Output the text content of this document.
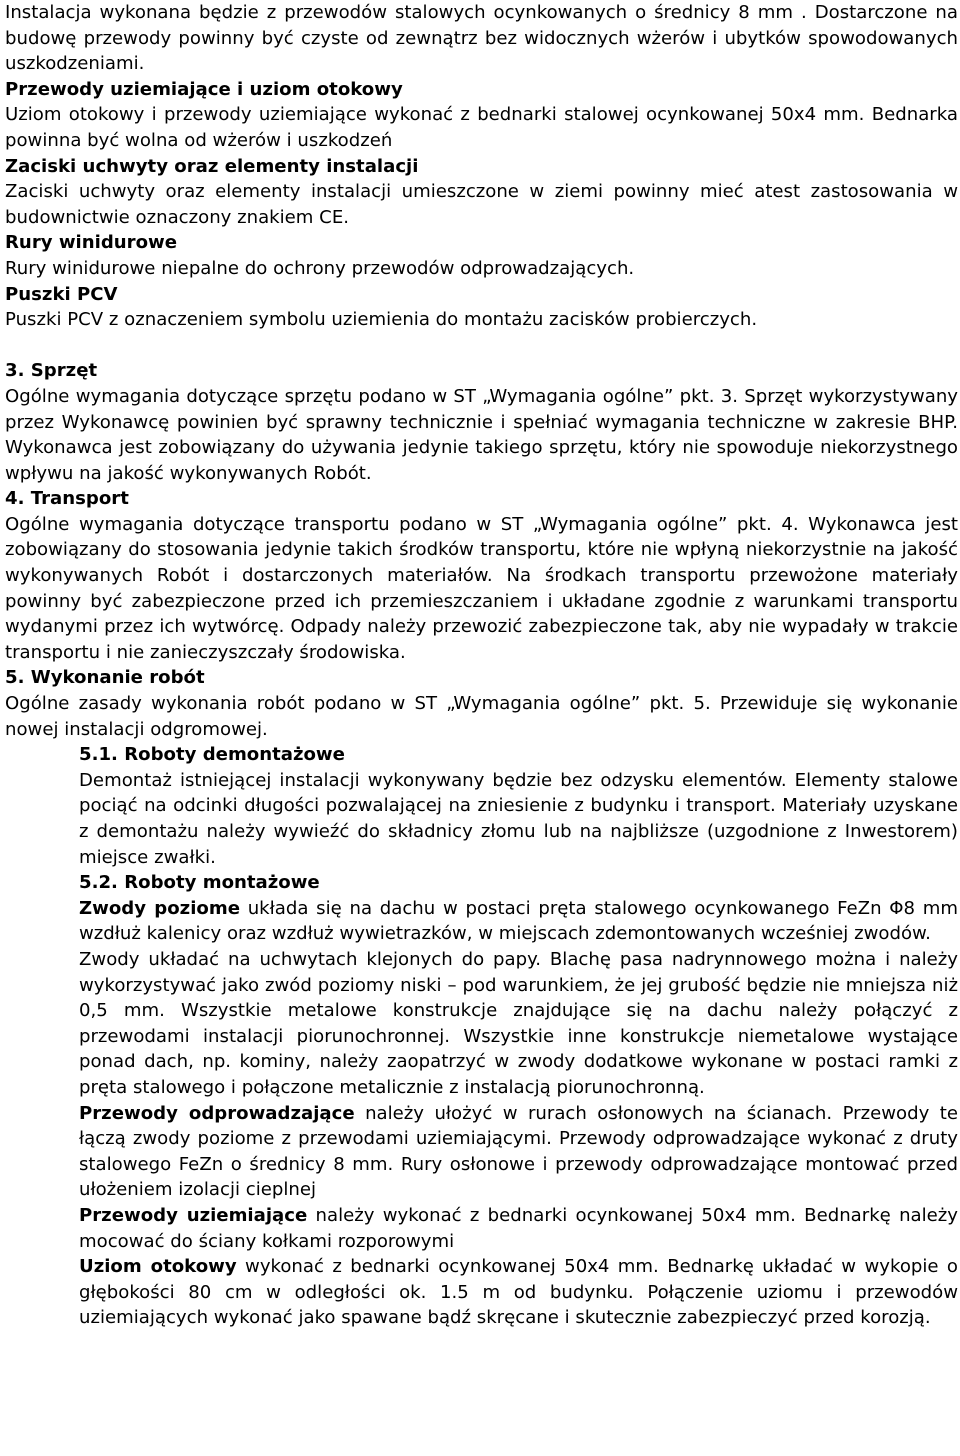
Instalacja wykonana będzie z przewodów stalowych ocynkowanych o średnicy 8 mm . Dostarczone na budowę przewody powinny być czyste od zewnątrz bez widocznych wżerów i ubytków spowodowanych uszkodzeniami.

Przewody uziemiające i uziom otokowy

Uziom otokowy i przewody uziemiające wykonać z bednarki stalowej ocynkowanej 50x4 mm. Bednarka powinna być wolna od wżerów i uszkodzeń

Zaciski uchwyty oraz elementy instalacji

Zaciski uchwyty oraz elementy instalacji umieszczone w ziemi powinny mieć atest zastosowania w budownictwie oznaczony znakiem CE.

Rury winidurowe

Rury winidurowe niepalne do ochrony przewodów odprowadzających.

Puszki PCV

Puszki PCV z oznaczeniem symbolu uziemienia do montażu zacisków probierczych.

3. Sprzęt

Ogólne wymagania dotyczące sprzętu podano w ST „Wymagania ogólne” pkt. 3. Sprzęt wykorzystywany przez Wykonawcę powinien być sprawny technicznie i spełniać wymagania techniczne w zakresie BHP. Wykonawca jest zobowiązany do używania jedynie takiego sprzętu, który nie spowoduje niekorzystnego wpływu na jakość wykonywanych Robót.

4. Transport

Ogólne wymagania dotyczące transportu podano w ST „Wymagania ogólne” pkt. 4. Wykonawca jest zobowiązany do stosowania jedynie takich środków transportu, które nie wpłyną niekorzystnie na jakość wykonywanych Robót i dostarczonych materiałów. Na środkach transportu przewożone materiały powinny być zabezpieczone przed ich przemieszczaniem i układane zgodnie z warunkami transportu wydanymi przez ich wytwórcę. Odpady należy przewozić zabezpieczone tak, aby nie wypadały w trakcie transportu i nie zanieczyszczały środowiska.

5. Wykonanie robót

Ogólne zasady wykonania robót podano w ST „Wymagania ogólne” pkt. 5. Przewiduje się wykonanie nowej instalacji odgromowej.

5.1. Roboty demontażowe

Demontaż istniejącej instalacji wykonywany będzie bez odzysku elementów. Elementy stalowe pociąć na odcinki długości pozwalającej na zniesienie z budynku i transport. Materiały uzyskane z demontażu należy wywieźć do składnicy złomu lub na najbliższe (uzgodnione z Inwestorem) miejsce zwałki.

5.2. Roboty montażowe

Zwody poziome układa się na dachu w postaci pręta stalowego ocynkowanego FeZn Φ8 mm wzdłuż kalenicy oraz wzdłuż wywietrazków, w miejscach zdemontowanych wcześniej zwodów.

Zwody układać na uchwytach klejonych do papy. Blachę pasa nadrynnowego można i należy wykorzystywać jako zwód poziomy niski – pod warunkiem, że jej grubość będzie nie mniejsza niż 0,5 mm. Wszystkie metalowe konstrukcje znajdujące się na dachu należy połączyć z przewodami instalacji piorunochronnej. Wszystkie inne konstrukcje niemetalowe wystające ponad dach, np. kominy, należy zaopatrzyć w zwody dodatkowe wykonane w postaci ramki z pręta stalowego i połączone metalicznie z instalacją piorunochronną.

Przewody odprowadzające należy ułożyć w rurach osłonowych na ścianach. Przewody te łączą zwody poziome z przewodami uziemiającymi. Przewody odprowadzające wykonać z druty stalowego FeZn o średnicy 8 mm. Rury osłonowe i przewody odprowadzające montować przed ułożeniem izolacji cieplnej

Przewody uziemiające należy wykonać z bednarki ocynkowanej 50x4 mm. Bednarkę należy mocować do ściany kołkami rozporowymi

Uziom otokowy wykonać z bednarki ocynkowanej 50x4 mm. Bednarkę układać w wykopie o głębokości 80 cm w odległości ok. 1.5 m od budynku. Połączenie uziomu i przewodów uziemiających wykonać jako spawane bądź skręcane i skutecznie zabezpieczyć przed korozją.
